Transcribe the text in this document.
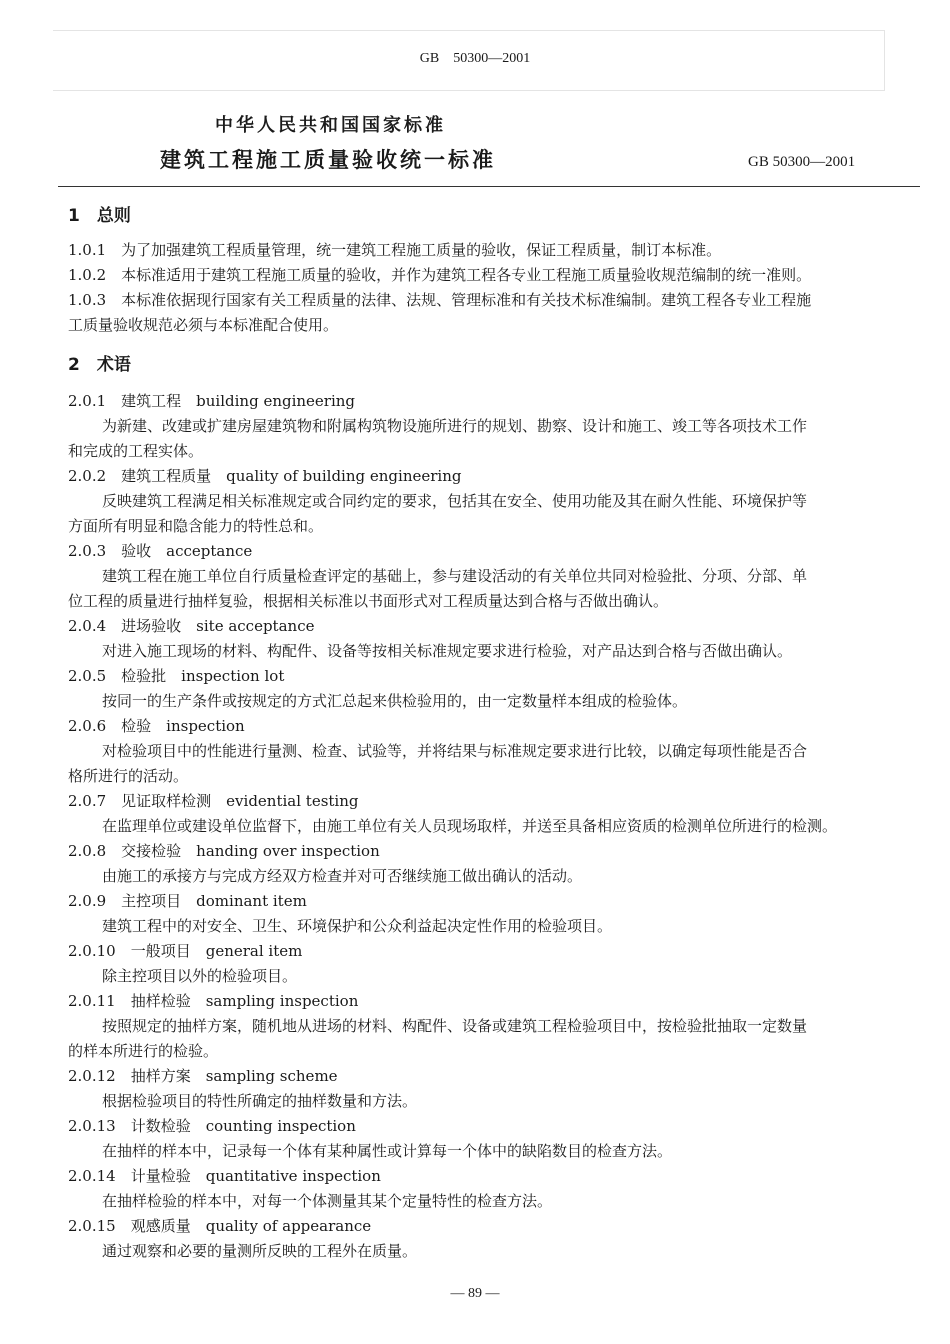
GB　50300—2001
中华人民共和国国家标准
建筑工程施工质量验收统一标准	GB 50300—2001
1　总则
1.0.1　为了加强建筑工程质量管理，统一建筑工程施工质量的验收，保证工程质量，制订本标准。
1.0.2　本标准适用于建筑工程施工质量的验收，并作为建筑工程各专业工程施工质量验收规范编制的统一准则。
1.0.3　本标准依据现行国家有关工程质量的法律、法规、管理标准和有关技术标准编制。建筑工程各专业工程施
工质量验收规范必须与本标准配合使用。
2　术语
2.0.1　建筑工程　building engineering
为新建、改建或扩建房屋建筑物和附属构筑物设施所进行的规划、勘察、设计和施工、竣工等各项技术工作
和完成的工程实体。
2.0.2　建筑工程质量　quality of building engineering
反映建筑工程满足相关标准规定或合同约定的要求，包括其在安全、使用功能及其在耐久性能、环境保护等
方面所有明显和隐含能力的特性总和。
2.0.3　验收　acceptance
建筑工程在施工单位自行质量检查评定的基础上，参与建设活动的有关单位共同对检验批、分项、分部、单
位工程的质量进行抽样复验，根据相关标准以书面形式对工程质量达到合格与否做出确认。
2.0.4　进场验收　site acceptance
对进入施工现场的材料、构配件、设备等按相关标准规定要求进行检验，对产品达到合格与否做出确认。
2.0.5　检验批　inspection lot
按同一的生产条件或按规定的方式汇总起来供检验用的，由一定数量样本组成的检验体。
2.0.6　检验　inspection
对检验项目中的性能进行量测、检查、试验等，并将结果与标准规定要求进行比较，以确定每项性能是否合
格所进行的活动。
2.0.7　见证取样检测　evidential testing
在监理单位或建设单位监督下，由施工单位有关人员现场取样，并送至具备相应资质的检测单位所进行的检测。
2.0.8　交接检验　handing over inspection
由施工的承接方与完成方经双方检查并对可否继续施工做出确认的活动。
2.0.9　主控项目　dominant item
建筑工程中的对安全、卫生、环境保护和公众利益起决定性作用的检验项目。
2.0.10　一般项目　general item
除主控项目以外的检验项目。
2.0.11　抽样检验　sampling inspection
按照规定的抽样方案，随机地从进场的材料、构配件、设备或建筑工程检验项目中，按检验批抽取一定数量
的样本所进行的检验。
2.0.12　抽样方案　sampling scheme
根据检验项目的特性所确定的抽样数量和方法。
2.0.13　计数检验　counting inspection
在抽样的样本中，记录每一个体有某种属性或计算每一个体中的缺陷数目的检查方法。
2.0.14　计量检验　quantitative inspection
在抽样检验的样本中，对每一个体测量其某个定量特性的检查方法。
2.0.15　观感质量　quality of appearance
通过观察和必要的量测所反映的工程外在质量。
— 89 —
